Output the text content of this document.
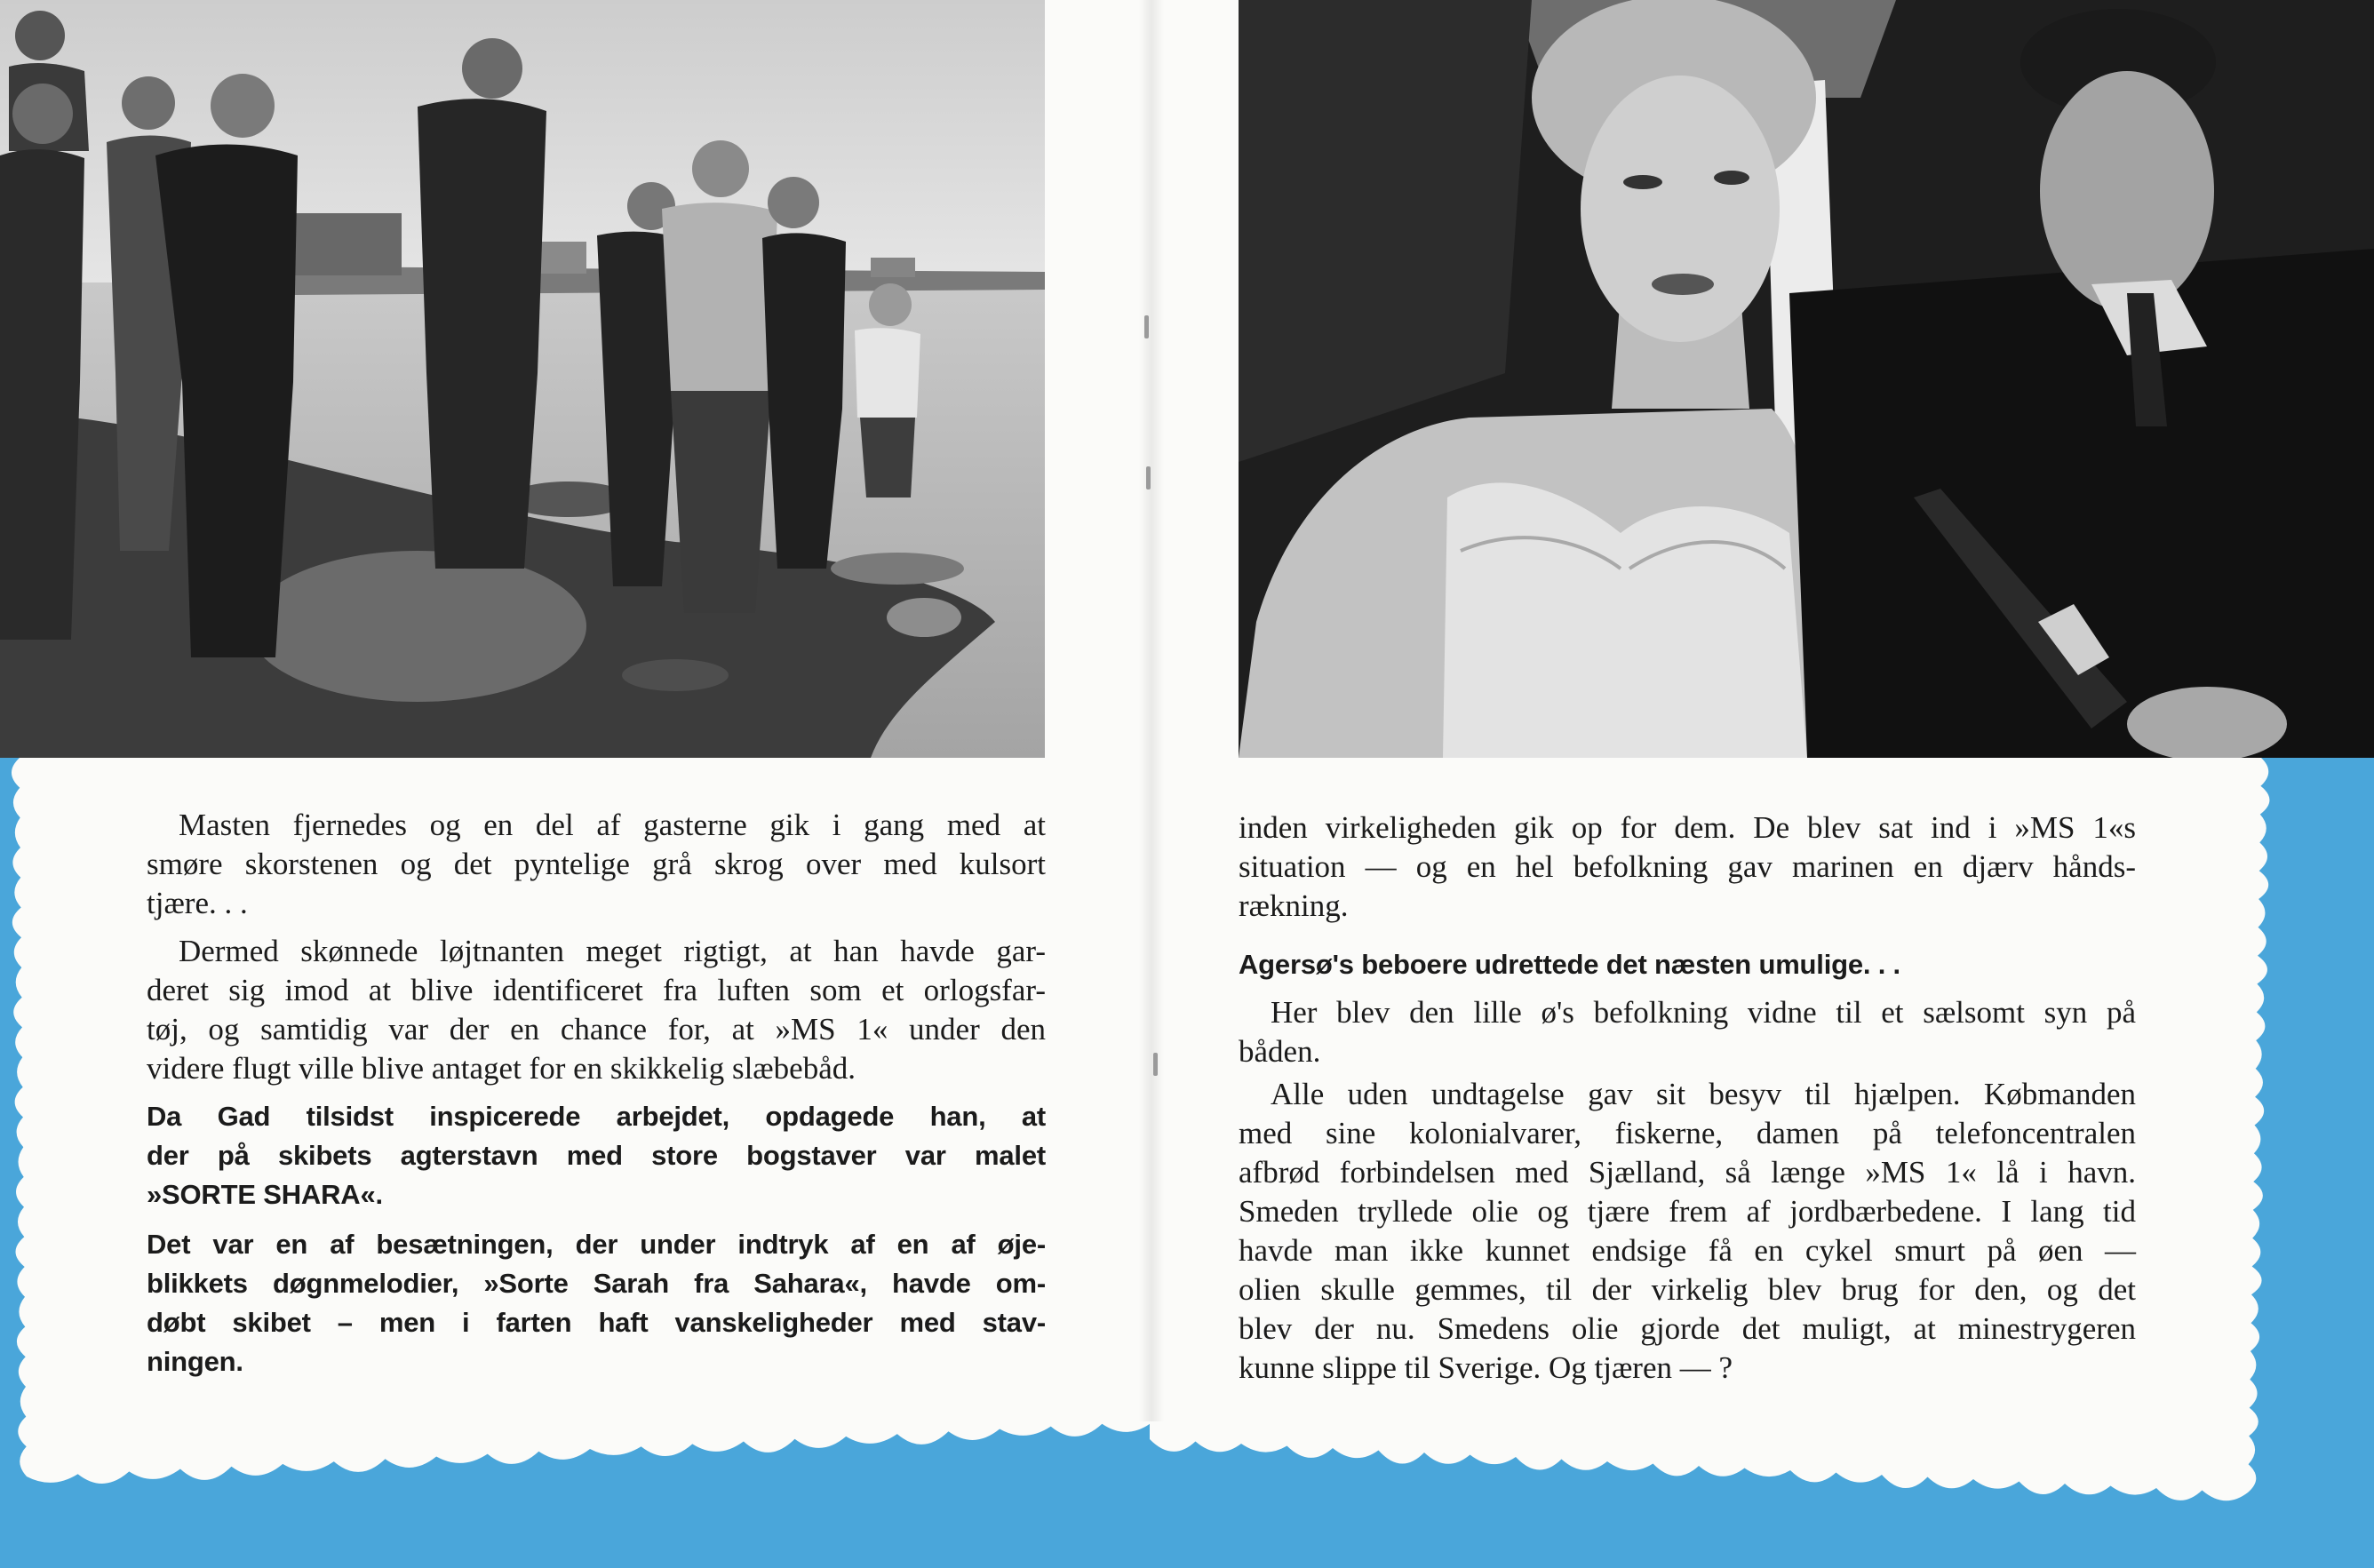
Masten fjernedes og en del af gasterne gik i gang med at
smøre skorstenen og det pyntelige grå skrog over med kulsort
tjære. . .
Dermed skønnede løjtnanten meget rigtigt, at han havde gar-
deret sig imod at blive identificeret fra luften som et orlogsfar-
tøj, og samtidig var der en chance for, at »MS 1« under den
videre flugt ville blive antaget for en skikkelig slæbebåd.
Da Gad tilsidst inspicerede arbejdet, opdagede han, at
der på skibets agterstavn med store bogstaver var malet
»SORTE SHARA«.
Det var en af besætningen, der under indtryk af en af øje-
blikkets døgnmelodier, »Sorte Sarah fra Sahara«, havde om-
døbt skibet – men i farten haft vanskeligheder med stav-
ningen.
inden virkeligheden gik op for dem. De blev sat ind i »MS 1«s
situation — og en hel befolkning gav marinen en djærv hånds-
rækning.
Agersø's beboere udrettede det næsten umulige. . .
Her blev den lille ø's befolkning vidne til et sælsomt syn på
båden.
Alle uden undtagelse gav sit besyv til hjælpen. Købmanden
med sine kolonialvarer, fiskerne, damen på telefoncentralen
afbrød forbindelsen med Sjælland, så længe »MS 1« lå i havn.
Smeden tryllede olie og tjære frem af jordbærbedene. I lang tid
havde man ikke kunnet endsige få en cykel smurt på øen —
olien skulle gemmes, til der virkelig blev brug for den, og det
blev der nu. Smedens olie gjorde det muligt, at minestrygeren
kunne slippe til Sverige. Og tjæren — ?
